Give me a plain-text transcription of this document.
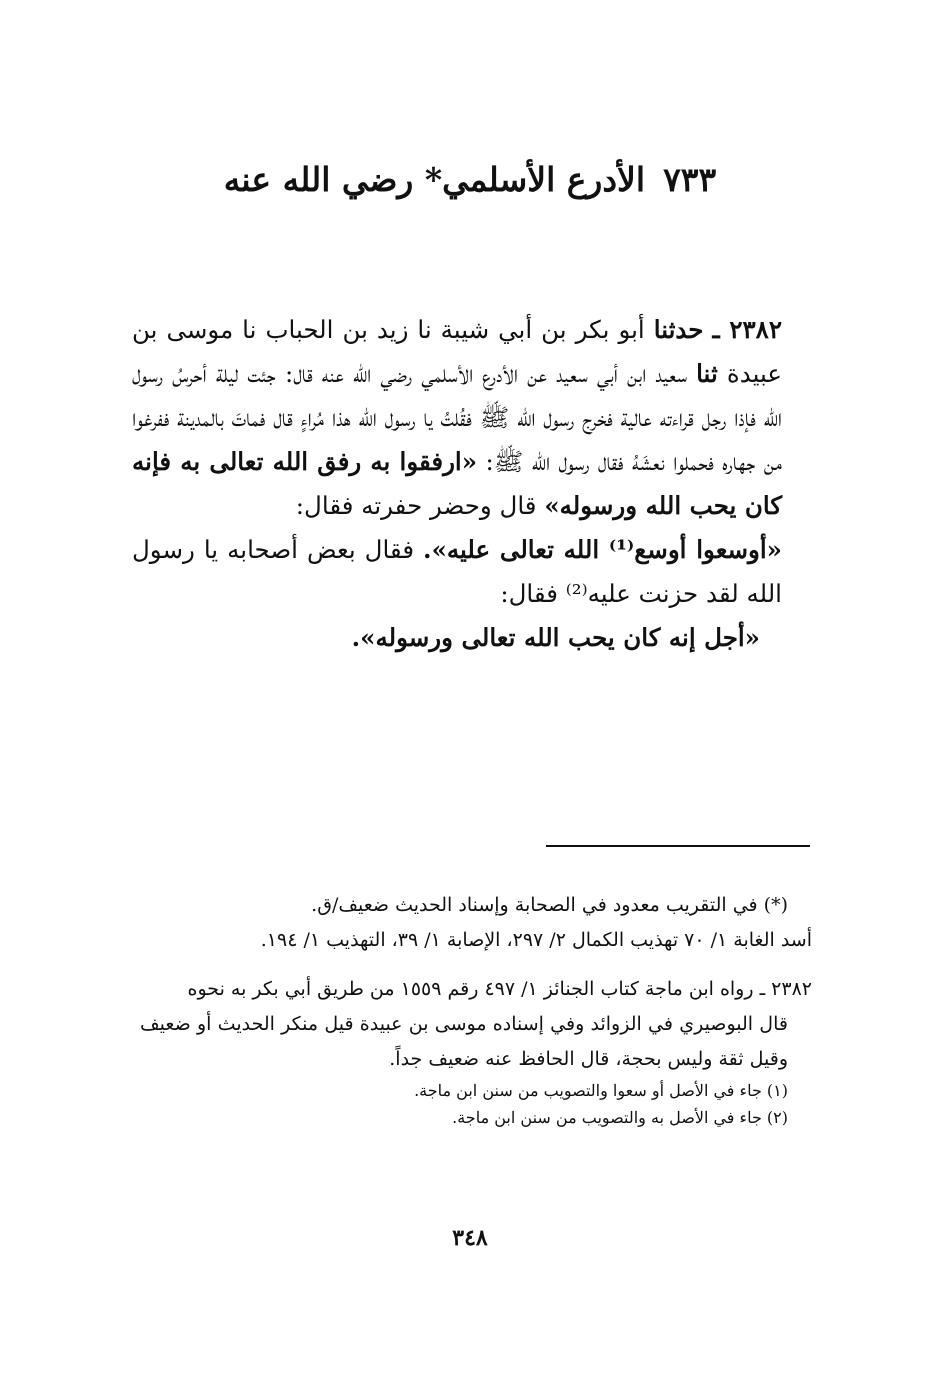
٧٣٣الأدرع الأسلمي* رضي الله عنه

٢٣٨٢ ـ حدثنا أبو بكر بن أبي شيبة نا زيد بن الحباب نا موسى بن عبيدة ثنا سعيد ابن أبي سعيد عن الأدرع الأسلمي رضي الله عنه قال: جئت ليلة أحرسُ رسول الله فإذا رجل قراءته عالية فخرج رسول الله ﷺ فقُلتُ يا رسول الله هذا مُراءٍ قال فماتَ بالمدينة ففرغوا من جهاره فحملوا نعشَهُ فقال رسول الله ﷺ: «ارفقوا به رفق الله تعالى به فإنه كان يحب الله ورسوله» قال وحضر حفرته فقال:

«أوسعوا أوسع⁽¹⁾ الله تعالى عليه». فقال بعض أصحابه يا رسول الله لقد حزنت عليه⁽²⁾ فقال:

«أجل إنه كان يحب الله تعالى ورسوله».

(*) في التقريب معدود في الصحابة وإسناد الحديث ضعيف/ق.

أسد الغابة ١/ ٧٠ تهذيب الكمال ٢/ ٢٩٧، الإصابة ١/ ٣٩، التهذيب ١/ ١٩٤.

٢٣٨٢ ـ رواه ابن ماجة كتاب الجنائز ١/ ٤٩٧ رقم ١٥٥٩ من طريق أبي بكر به نحوه

قال البوصيري في الزوائد وفي إسناده موسى بن عبيدة قيل منكر الحديث أو ضعيف وقيل ثقة وليس بحجة، قال الحافظ عنه ضعيف جداً.

(١) جاء في الأصل أو سعوا والتصويب من سنن ابن ماجة.

(٢) جاء في الأصل به والتصويب من سنن ابن ماجة.

٣٤٨
